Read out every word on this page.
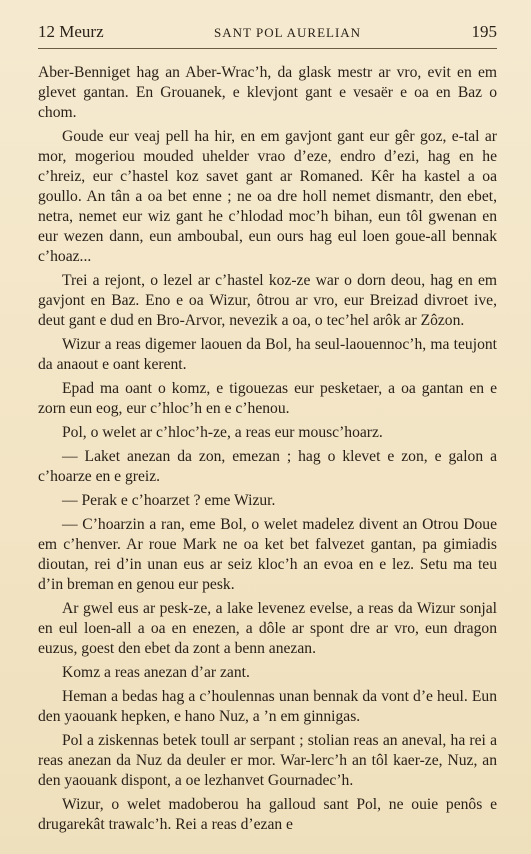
12 Meurz	SANT POL AURELIAN	195

Aber-Benniget hag an Aber-Wrac’h, da glask mestr ar vro, evit en em glevet gantan. En Grouanek, e klevjont gant e vesaër e oa en Baz o chom.

Goude eur veaj pell ha hir, en em gavjont gant eur gêr goz, e-tal ar mor, mogeriou mouded uhelder vrao d’eze, endro d’ezi, hag en he c’hreiz, eur c’hastel koz savet gant ar Romaned. Kêr ha kastel a oa goullo. An tân a oa bet enne ; ne oa dre holl nemet dismantr, den ebet, netra, nemet eur wiz gant he c’hlodad moc’h bihan, eun tôl gwenan en eur wezen dann, eun amboubal, eun ours hag eul loen goue-all bennak c’hoaz...

Trei a rejont, o lezel ar c’hastel koz-ze war o dorn deou, hag en em gavjont en Baz. Eno e oa Wizur, ôtrou ar vro, eur Breizad divroet ive, deut gant e dud en Bro-Arvor, nevezik a oa, o tec’hel arôk ar Zôzon.

Wizur a reas digemer laouen da Bol, ha seul-laouennoc’h, ma teujont da anaout e oant kerent.

Epad ma oant o komz, e tigouezas eur pesketaer, a oa gantan en e zorn eun eog, eur c’hloc’h en e c’henou.

Pol, o welet ar c’hloc’h-ze, a reas eur mousc’hoarz.

— Laket anezan da zon, emezan ; hag o klevet e zon, e galon a c’hoarze en e greiz.

— Perak e c’hoarzet ? eme Wizur.

— C’hoarzin a ran, eme Bol, o welet madelez divent an Otrou Doue em c’henver. Ar roue Mark ne oa ket bet falvezet gantan, pa gimiadis dioutan, rei d’in unan eus ar seiz kloc’h an evoa en e lez. Setu ma teu d’in breman en genou eur pesk.

Ar gwel eus ar pesk-ze, a lake levenez evelse, a reas da Wizur sonjal en eul loen-all a oa en enezen, a dôle ar spont dre ar vro, eun dragon euzus, goest den ebet da zont a benn anezan.

Komz a reas anezan d’ar zant.

Heman a bedas hag a c’houlennas unan bennak da vont d’e heul. Eun den yaouank hepken, e hano Nuz, a ’n em ginnigas.

Pol a ziskennas betek toull ar serpant ; stolian reas an aneval, ha rei a reas anezan da Nuz da deuler er mor. War-lerc’h an tôl kaer-ze, Nuz, an den yaouank dispont, a oe lezhanvet Gournadec’h.

Wizur, o welet madoberou ha galloud sant Pol, ne ouie penôs e drugarekât trawalc’h. Rei a reas d’ezan e
